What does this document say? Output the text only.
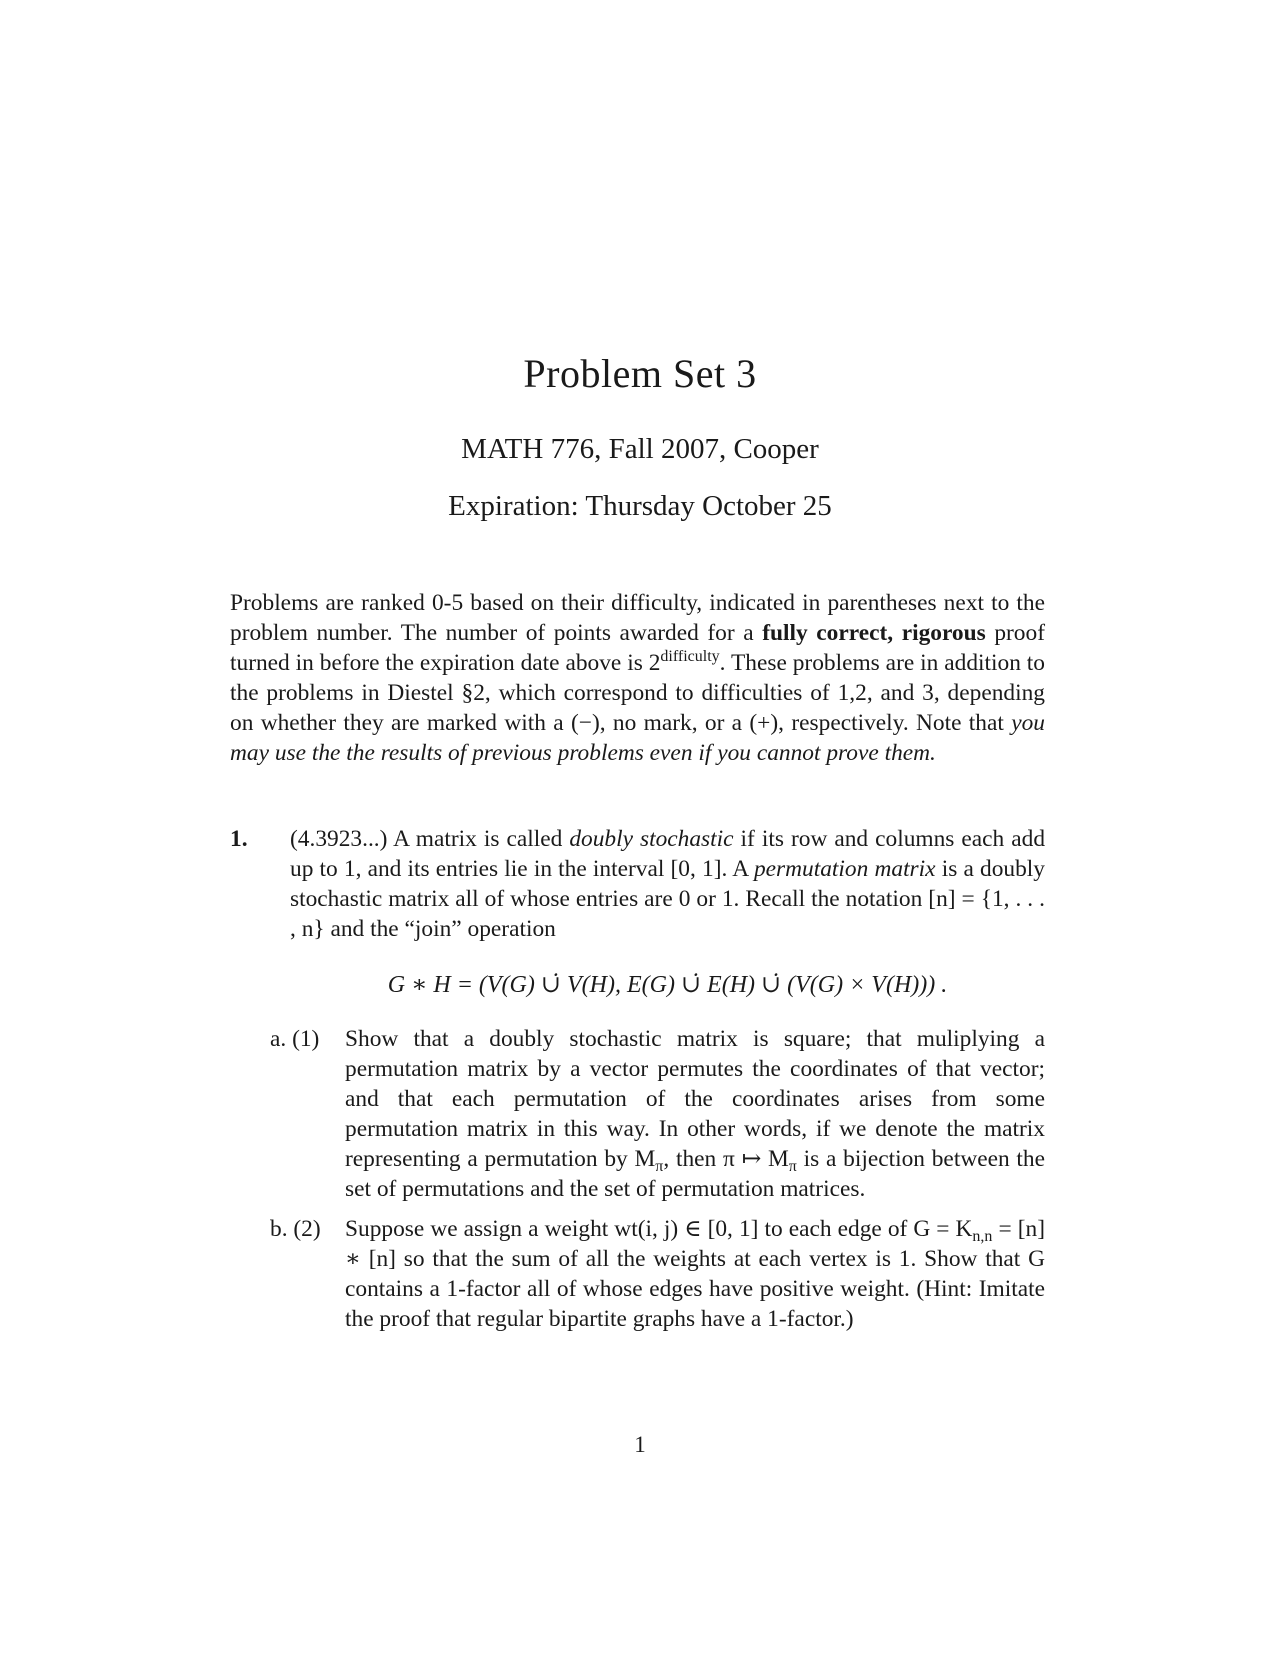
Problem Set 3
MATH 776, Fall 2007, Cooper
Expiration: Thursday October 25
Problems are ranked 0-5 based on their difficulty, indicated in parentheses next to the problem number. The number of points awarded for a fully correct, rigorous proof turned in before the expiration date above is $2^{difficulty}$. These problems are in addition to the problems in Diestel §2, which correspond to difficulties of 1,2, and 3, depending on whether they are marked with a (−), no mark, or a (+), respectively. Note that you may use the the results of previous problems even if you cannot prove them.
1. (4.3923...) A matrix is called doubly stochastic if its row and columns each add up to 1, and its entries lie in the interval [0, 1]. A permutation matrix is a doubly stochastic matrix all of whose entries are 0 or 1. Recall the notation [n] = {1, . . . , n} and the “join” operation
G ∗ H = (V(G) ∪̇ V(H), E(G) ∪̇ E(H) ∪̇ (V(G) × V(H))) .
a. (1) Show that a doubly stochastic matrix is square; that muliplying a permutation matrix by a vector permutes the coordinates of that vector; and that each permutation of the coordinates arises from some permutation matrix in this way. In other words, if we denote the matrix representing a permutation by $M_\pi$, then π ↦ $M_\pi$ is a bijection between the set of permutations and the set of permutation matrices.
b. (2) Suppose we assign a weight wt(i, j) ∈ [0, 1] to each edge of $G = K_{n,n} = [n]$ ∗ [n] so that the sum of all the weights at each vertex is 1. Show that G contains a 1-factor all of whose edges have positive weight. (Hint: Imitate the proof that regular bipartite graphs have a 1-factor.)
1
